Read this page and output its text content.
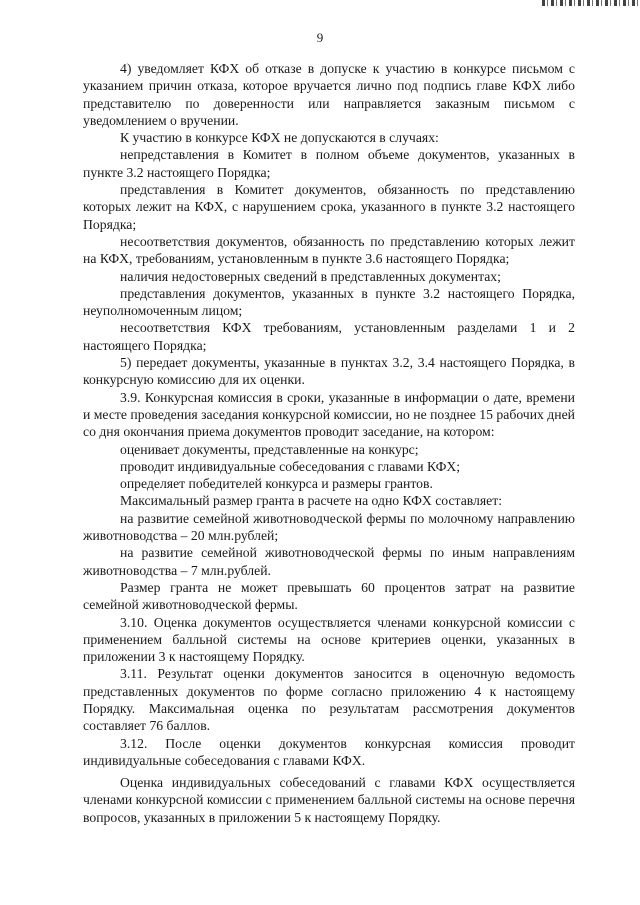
9

4) уведомляет КФХ об отказе в допуске к участию в конкурсе письмом с указанием причин отказа, которое вручается лично под подпись главе КФХ либо представителю по доверенности или направляется заказным письмом с уведомлением о вручении.

К участию в конкурсе КФХ не допускаются в случаях:

непредставления в Комитет в полном объеме документов, указанных в пункте 3.2 настоящего Порядка;

представления в Комитет документов, обязанность по представлению которых лежит на КФХ, с нарушением срока, указанного в пункте 3.2 настоящего Порядка;

несоответствия документов, обязанность по представлению которых лежит на КФХ, требованиям, установленным в пункте 3.6 настоящего Порядка;

наличия недостоверных сведений в представленных документах;

представления документов, указанных в пункте 3.2 настоящего Порядка, неуполномоченным лицом;

несоответствия КФХ требованиям, установленным разделами 1 и 2 настоящего Порядка;

5) передает документы, указанные в пунктах 3.2, 3.4 настоящего Порядка, в конкурсную комиссию для их оценки.

3.9. Конкурсная комиссия в сроки, указанные в информации о дате, времени и месте проведения заседания конкурсной комиссии, но не позднее 15 рабочих дней со дня окончания приема документов проводит заседание, на котором:

оценивает документы, представленные на конкурс;

проводит индивидуальные собеседования с главами КФХ;

определяет победителей конкурса и размеры грантов.

Максимальный размер гранта в расчете на одно КФХ составляет:

на развитие семейной животноводческой фермы по молочному направлению животноводства – 20 млн.рублей;

на развитие семейной животноводческой фермы по иным направлениям животноводства – 7 млн.рублей.

Размер гранта не может превышать 60 процентов затрат на развитие семейной животноводческой фермы.

3.10. Оценка документов осуществляется членами конкурсной комиссии с применением балльной системы на основе критериев оценки, указанных в приложении 3 к настоящему Порядку.

3.11. Результат оценки документов заносится в оценочную ведомость представленных документов по форме согласно приложению 4 к настоящему Порядку. Максимальная оценка по результатам рассмотрения документов составляет 76 баллов.

3.12. После оценки документов конкурсная комиссия проводит индивидуальные собеседования с главами КФХ.

Оценка индивидуальных собеседований с главами КФХ осуществляется членами конкурсной комиссии с применением балльной системы на основе перечня вопросов, указанных в приложении 5 к настоящему Порядку.
